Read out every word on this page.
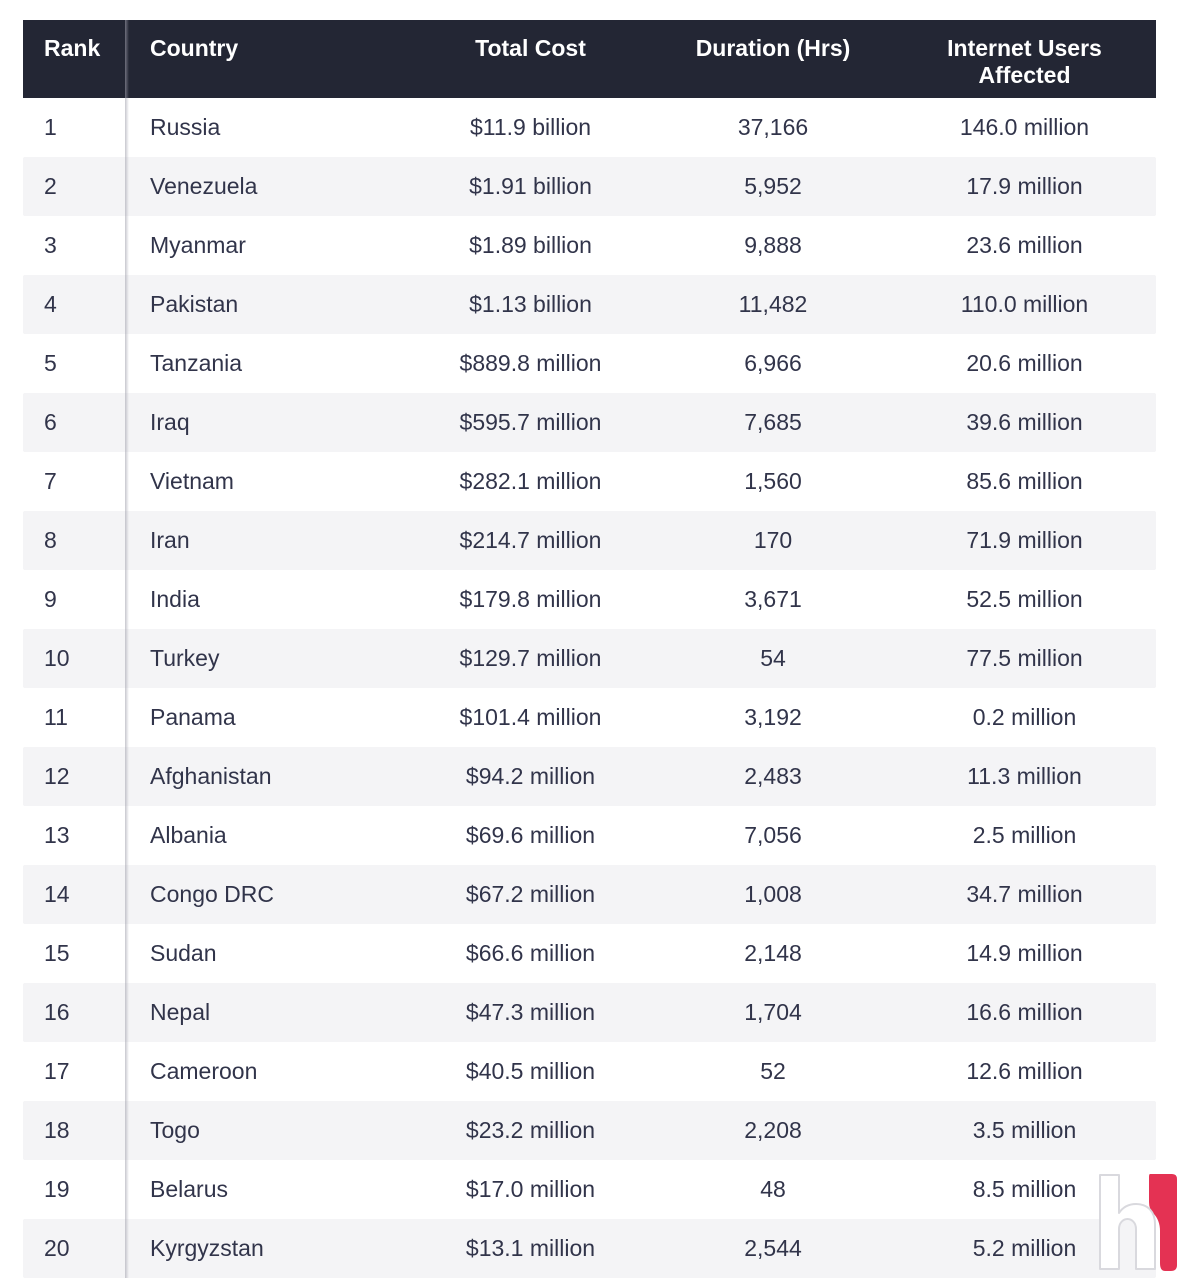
Rank	Country	Total Cost	Duration (Hrs)	Internet Users Affected
1	Russia	$11.9 billion	37,166	146.0 million
2	Venezuela	$1.91 billion	5,952	17.9 million
3	Myanmar	$1.89 billion	9,888	23.6 million
4	Pakistan	$1.13 billion	11,482	110.0 million
5	Tanzania	$889.8 million	6,966	20.6 million
6	Iraq	$595.7 million	7,685	39.6 million
7	Vietnam	$282.1 million	1,560	85.6 million
8	Iran	$214.7 million	170	71.9 million
9	India	$179.8 million	3,671	52.5 million
10	Turkey	$129.7 million	54	77.5 million
11	Panama	$101.4 million	3,192	0.2 million
12	Afghanistan	$94.2 million	2,483	11.3 million
13	Albania	$69.6 million	7,056	2.5 million
14	Congo DRC	$67.2 million	1,008	34.7 million
15	Sudan	$66.6 million	2,148	14.9 million
16	Nepal	$47.3 million	1,704	16.6 million
17	Cameroon	$40.5 million	52	12.6 million
18	Togo	$23.2 million	2,208	3.5 million
19	Belarus	$17.0 million	48	8.5 million
20	Kyrgyzstan	$13.1 million	2,544	5.2 million
